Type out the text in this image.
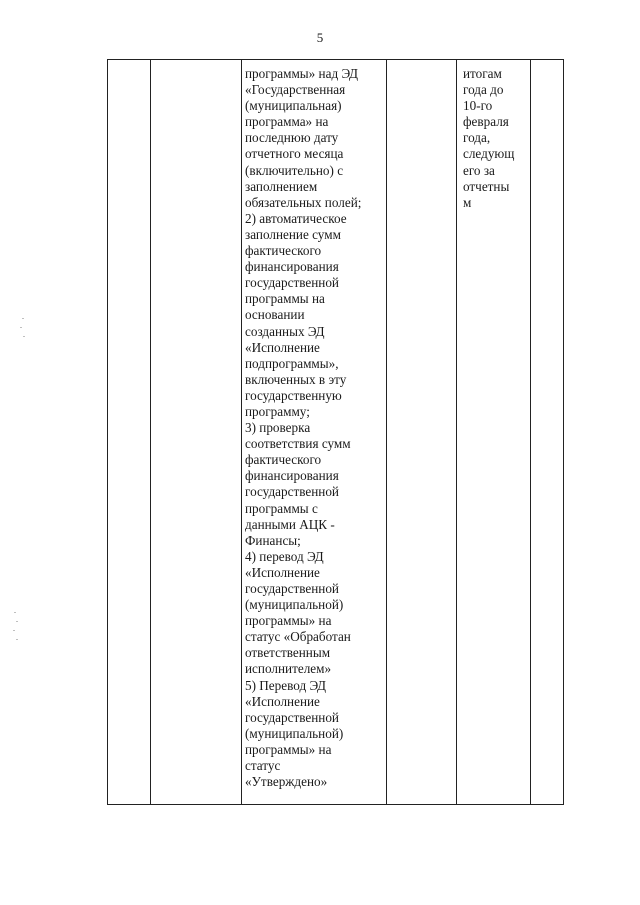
5
программы» над ЭД
«Государственная
(муниципальная)
программа» на
последнюю дату
отчетного месяца
(включительно) с
заполнением
обязательных полей;
2) автоматическое
заполнение сумм
фактического
финансирования
государственной
программы на
основании
созданных ЭД
«Исполнение
подпрограммы»,
включенных в эту
государственную
программу;
3) проверка
соответствия сумм
фактического
финансирования
государственной
программы с
данными АЦК -
Финансы;
4) перевод ЭД
«Исполнение
государственной
(муниципальной)
программы» на
статус «Обработан
ответственным
исполнителем»
5) Перевод ЭД
«Исполнение
государственной
(муниципальной)
программы» на
статус
«Утверждено»
итогам
года до
10-го
февраля
года,
следующ
его за
отчетны
м
